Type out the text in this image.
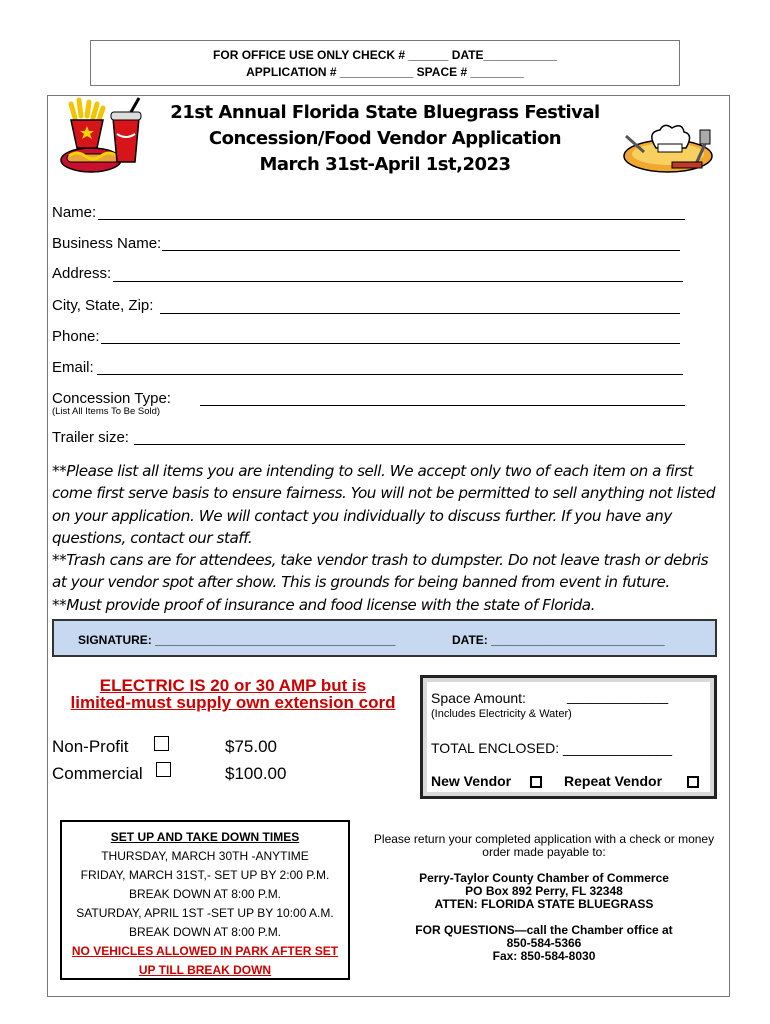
FOR OFFICE USE ONLY CHECK # ______ DATE___________
APPLICATION # ___________ SPACE # ________
21st Annual Florida State Bluegrass Festival
Concession/Food Vendor Application
March 31st-April 1st,2023
Name:
Business Name:
Address:
City, State, Zip:
Phone:
Email:
Concession Type:
(List All Items To Be Sold)
Trailer size:
**Please list all items you are intending to sell. We accept only two of each item on a first come first serve basis to ensure fairness. You will not be permitted to sell anything not listed on your application. We will contact you individually to discuss further. If you have any questions, contact our staff.
**Trash cans are for attendees, take vendor trash to dumpster. Do not leave trash or debris at your vendor spot after show. This is grounds for being banned from event in future.
**Must provide proof of insurance and food license with the state of Florida.
SIGNATURE: ____________________________________	DATE: __________________________
ELECTRIC IS 20 or 30 AMP but is
limited-must supply own extension cord
Non-Profit	$75.00
Commercial	$100.00
Space Amount:	_____________
(Includes Electricity & Water)
TOTAL ENCLOSED: ______________
New Vendor	Repeat Vendor
SET UP AND TAKE DOWN TIMES
THURSDAY, MARCH 30TH -ANYTIME
FRIDAY, MARCH 31ST,- SET UP BY 2:00 P.M.
BREAK DOWN AT 8:00 P.M.
SATURDAY, APRIL 1ST -SET UP BY 10:00 A.M.
BREAK DOWN AT 8:00 P.M.
NO VEHICLES ALLOWED IN PARK AFTER SET
UP TILL BREAK DOWN
Please return your completed application with a check or money
order made payable to:
Perry-Taylor County Chamber of Commerce
PO Box 892 Perry, FL 32348
ATTEN: FLORIDA STATE BLUEGRASS
FOR QUESTIONS—call the Chamber office at
850-584-5366
Fax: 850-584-8030
